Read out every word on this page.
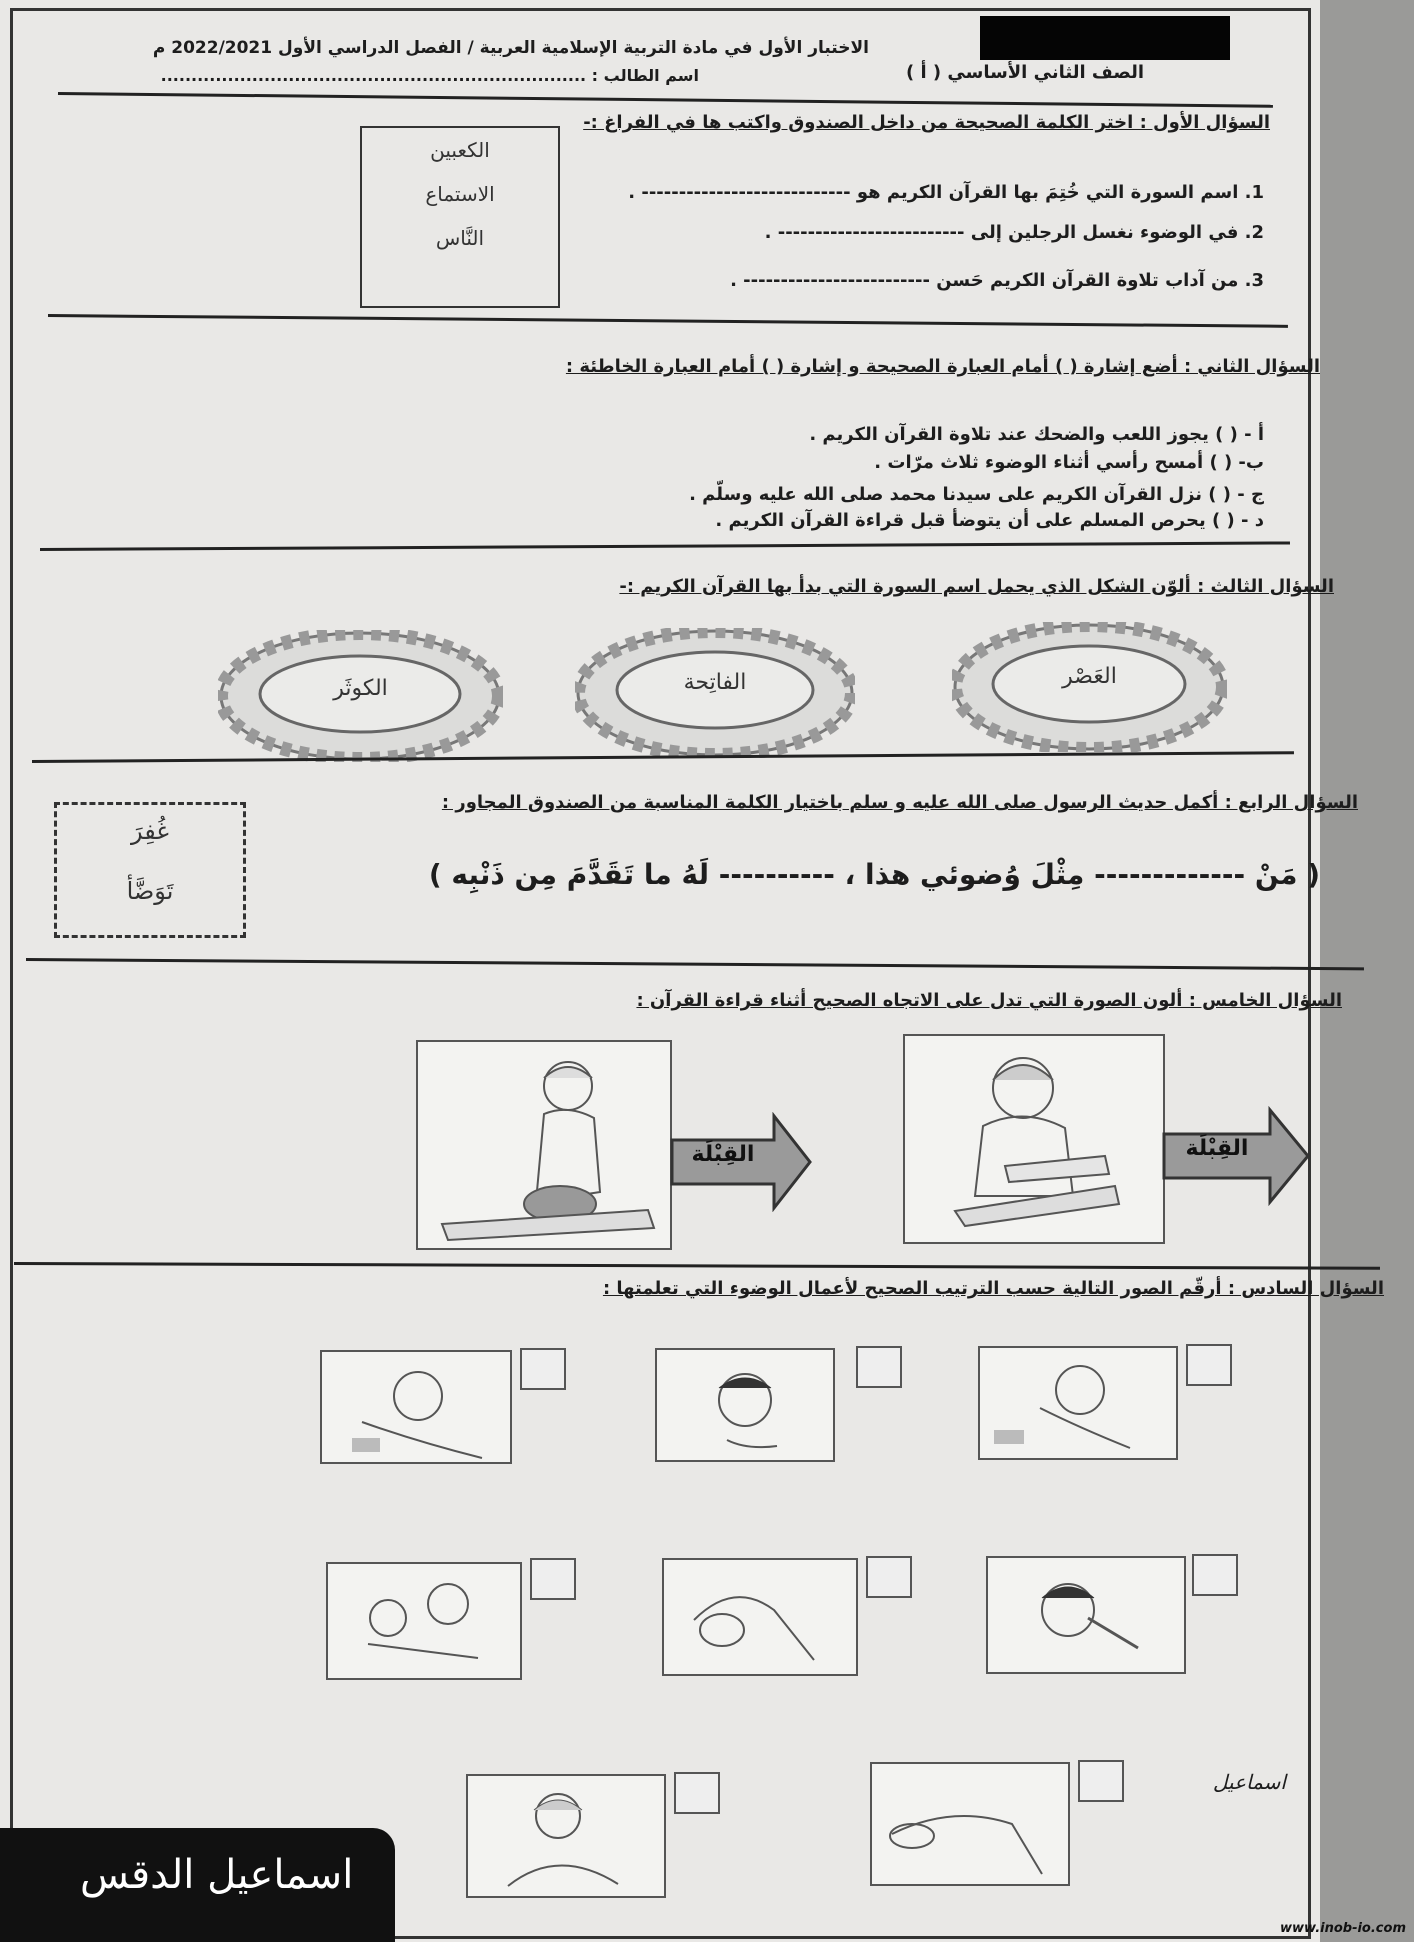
الاختبار الأول في مادة التربية الإسلامية العربية / الفصل الدراسي الأول 2022/2021 م
الصف الثاني الأساسي ( أ )
اسم الطالب : ......................................................................
السؤال الأول : اختر الكلمة الصحيحة من داخل الصندوق واكتب ها في الفراغ :-
الكعبين
الاستماع
النَّاس
1. اسم السورة التي خُتِمَ بها القرآن الكريم هو ---------------------------- .
2. في الوضوء نغسل الرجلين إلى ------------------------- .
3. من آداب تلاوة القرآن الكريم حَسن ------------------------- .
السؤال الثاني : أضع إشارة ( ) أمام العبارة الصحيحة و إشارة ( ) أمام العبارة الخاطئة :
أ - ( ) يجوز اللعب والضحك عند تلاوة القرآن الكريم .
ب- ( ) أمسح رأسي أثناء الوضوء ثلاث مرّات .
ج - ( ) نزل القرآن الكريم على سيدنا محمد صلى الله عليه وسلّم .
د - ( ) يحرص المسلم على أن يتوضأ قبل قراءة القرآن الكريم .
السؤال الثالث : ألوّن الشكل الذي يحمل اسم السورة التي بدأ بها القرآن الكريم :-
العَصْر
الفاتِحة
الكوثَر
السؤال الرابع : أكمل حديث الرسول صلى الله عليه و سلم باختيار الكلمة المناسبة من الصندوق المجاور :
غُفِرَ
تَوَضَّأ	( مَنْ ------------- مِثْلَ وُضوئي هذا ، ---------- لَهُ ما تَقَدَّمَ مِن ذَنْبِه )
السؤال الخامس : ألون الصورة التي تدل على الاتجاه الصحيح أثناء قراءة القرآن :
القِبْلَة
القِبْلَة
السؤال السادس : أرقّم الصور التالية حسب الترتيب الصحيح لأعمال الوضوء التي تعلمتها :
اسماعيل
اسماعيل الدقس
www.inob-io.com
